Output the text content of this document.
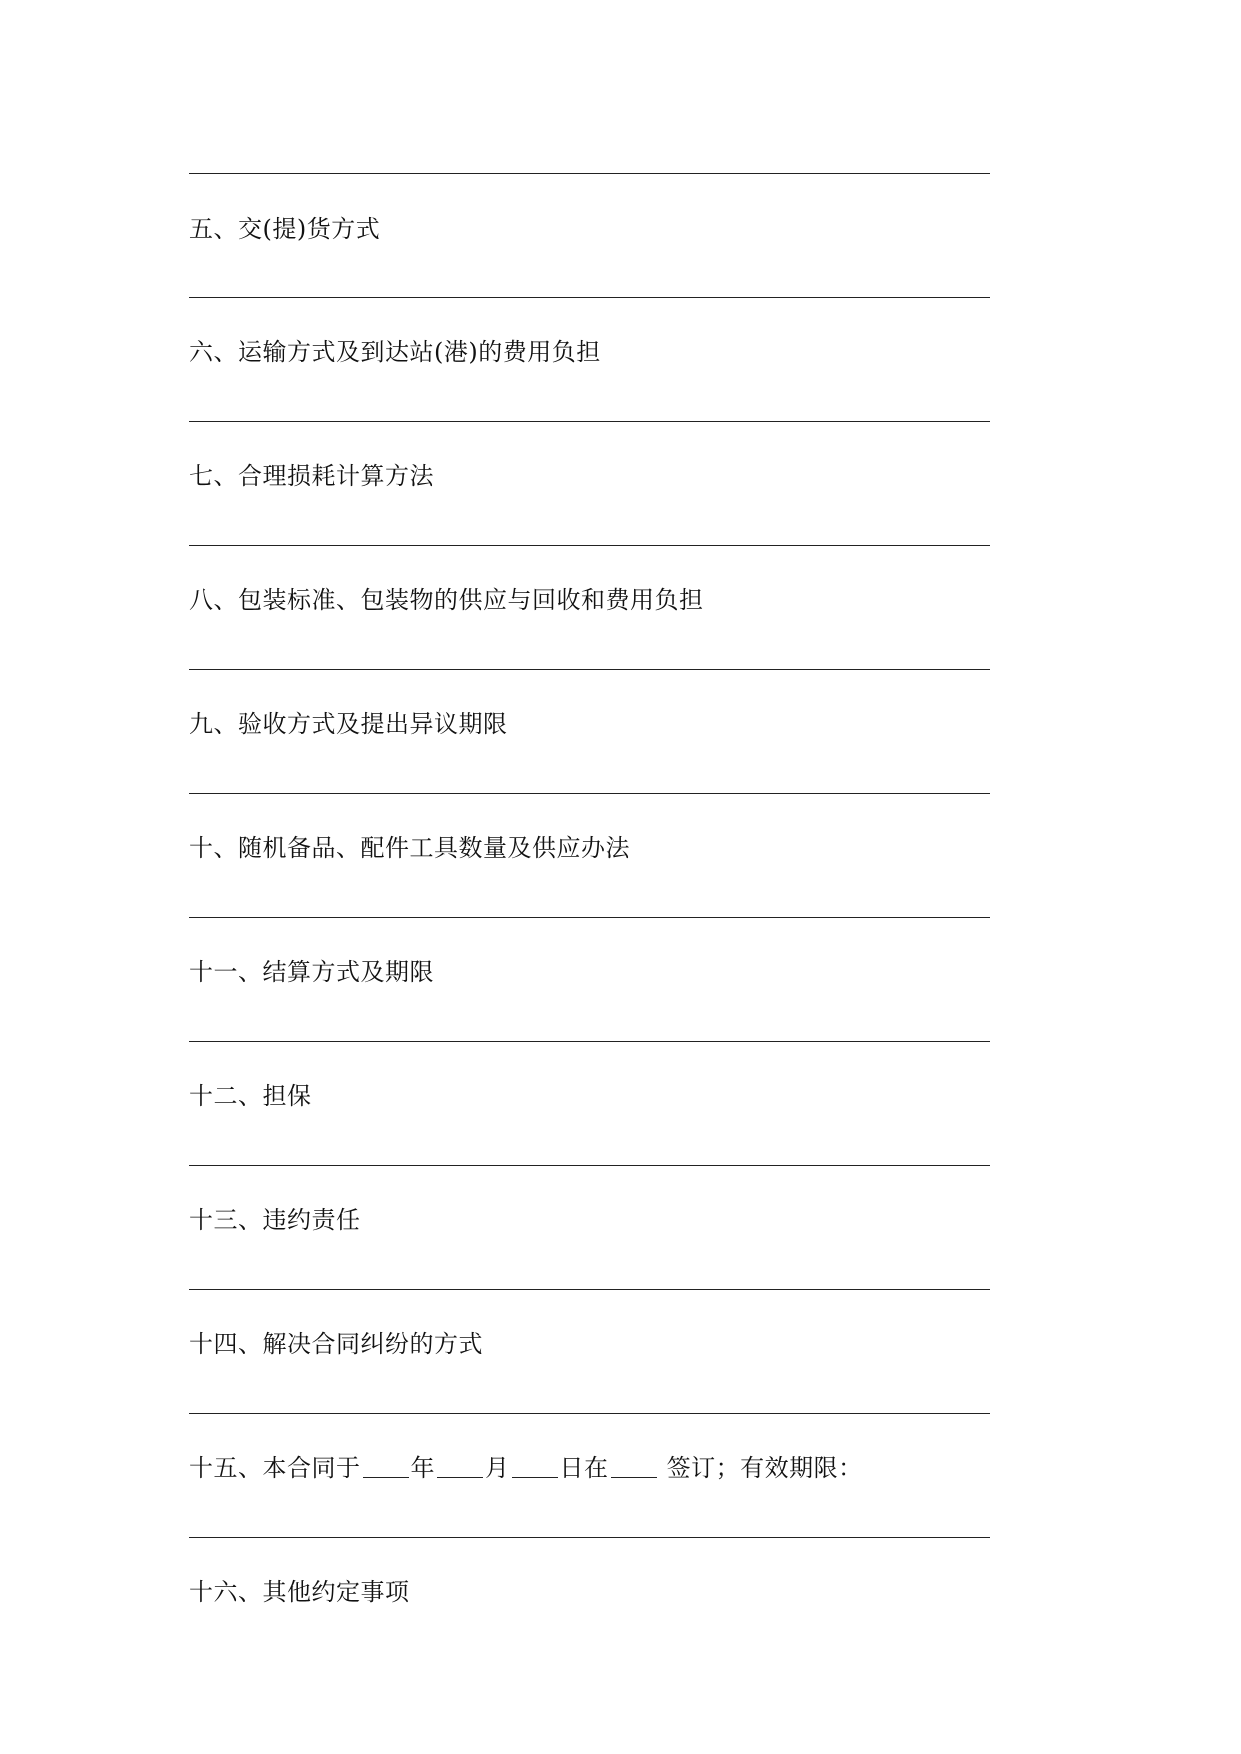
五、交(提)货方式
六、运输方式及到达站(港)的费用负担
七、合理损耗计算方法
八、包装标准、包装物的供应与回收和费用负担
九、验收方式及提出异议期限
十、随机备品、配件工具数量及供应办法
十一、结算方式及期限
十二、担保
十三、违约责任
十四、解决合同纠纷的方式
十五、本合同于 年 月 日在 签订；有效期限：
十六、其他约定事项
